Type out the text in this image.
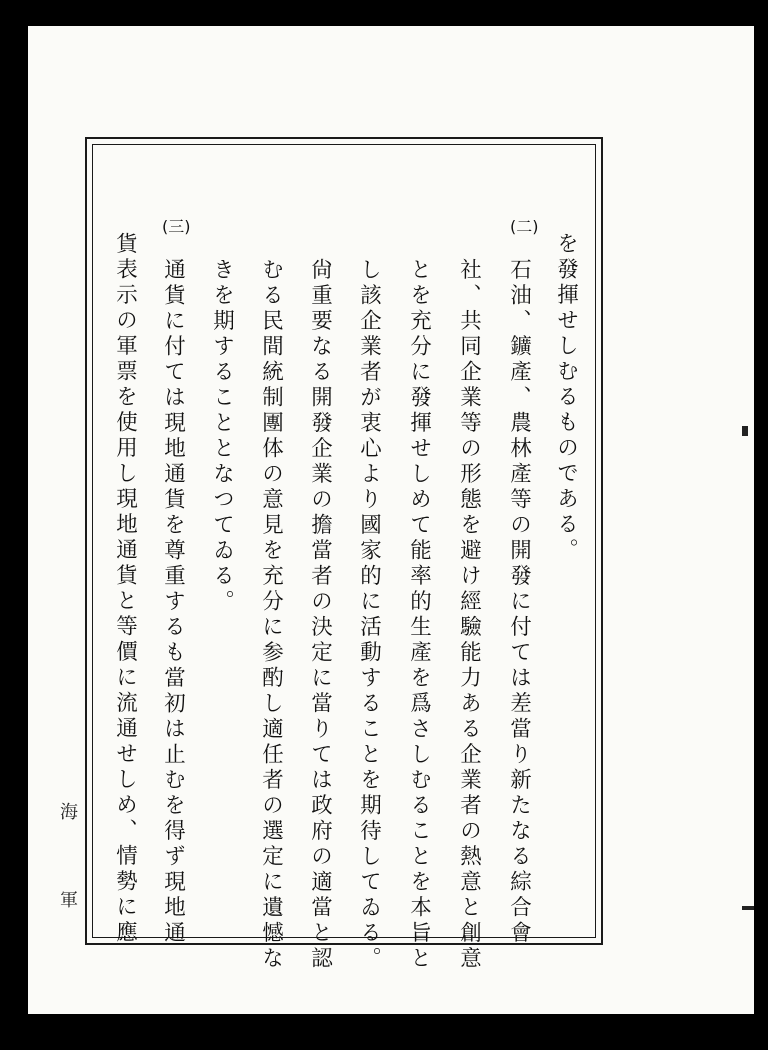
(二)
(三)
を發揮せしむるものである。
石油、鑛產、農林產等の開發に付ては差當り新たなる綜合會
社、共同企業等の形態を避け經驗能力ある企業者の熱意と創意
とを充分に發揮せしめて能率的生產を爲さしむることを本旨と
し該企業者が衷心より國家的に活動することを期待してゐる。
尙重要なる開發企業の擔當者の決定に當りては政府の適當と認
むる民間統制團体の意見を充分に参酌し適任者の選定に遺憾な
きを期することとなつてゐる。
通貨に付ては現地通貨を尊重するも當初は止むを得ず現地通
貨表示の軍票を使用し現地通貨と等價に流通せしめ、情勢に應
海
軍
